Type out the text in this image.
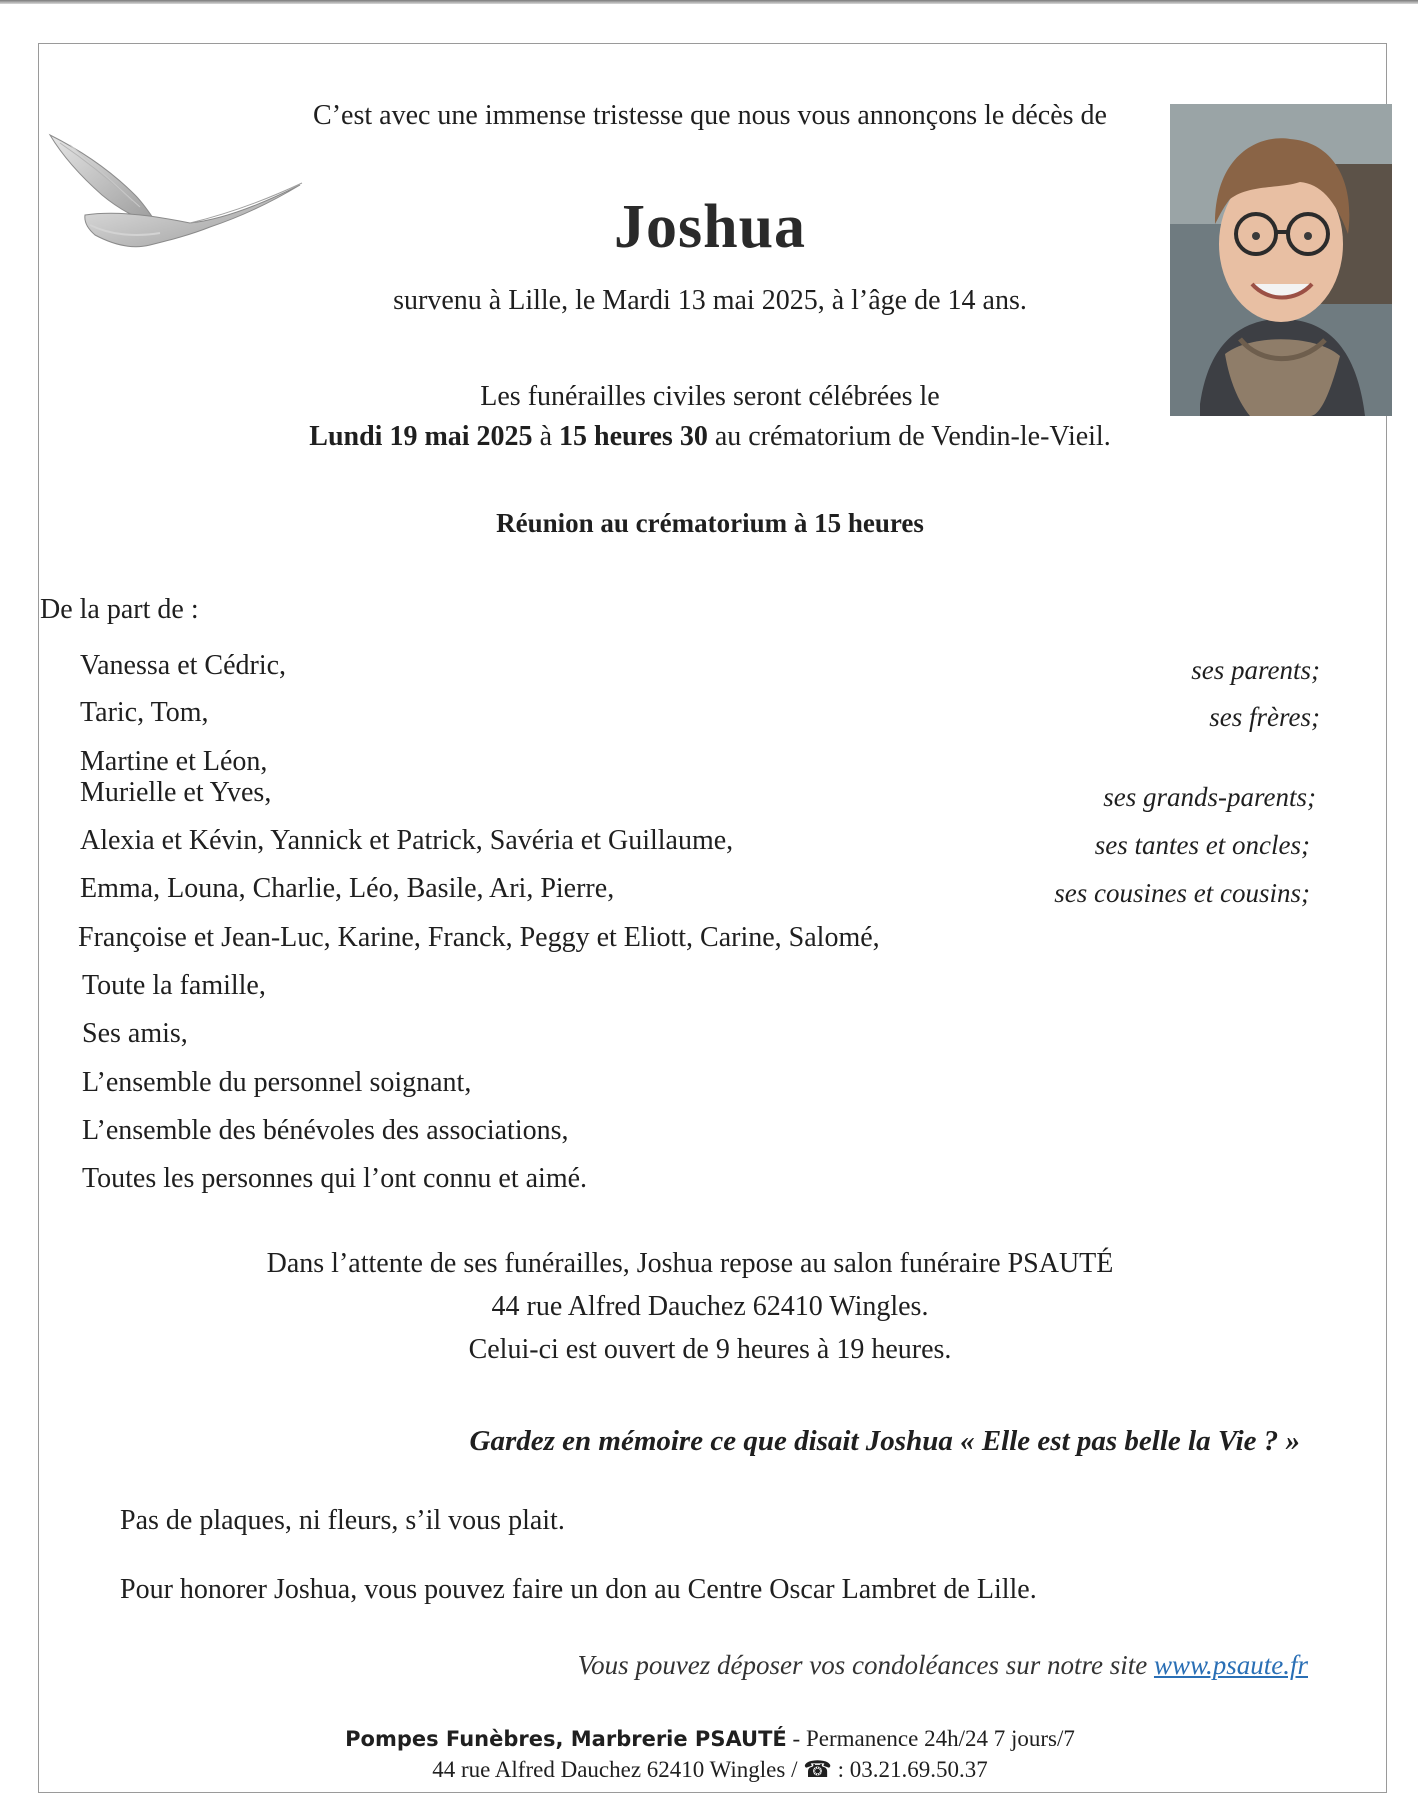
C’est avec une immense tristesse que nous vous annonçons le décès de
Joshua
survenu à Lille, le Mardi 13 mai 2025, à l’âge de 14 ans.
Les funérailles civiles seront célébrées le
Lundi 19 mai 2025 à 15 heures 30 au crématorium de Vendin-le-Vieil.
Réunion au crématorium à 15 heures
De la part de :
Vanessa et Cédric,	ses parents;
Taric, Tom,	ses frères;
Martine et Léon,
Murielle et Yves,	ses grands-parents;
Alexia et Kévin, Yannick et Patrick, Savéria et Guillaume,	ses tantes et oncles;
Emma, Louna, Charlie, Léo, Basile, Ari, Pierre,	ses cousines et cousins;
Françoise et Jean-Luc, Karine, Franck, Peggy et Eliott, Carine, Salomé,
Toute la famille,
Ses amis,
L’ensemble du personnel soignant,
L’ensemble des bénévoles des associations,
Toutes les personnes qui l’ont connu et aimé.
Dans l’attente de ses funérailles, Joshua repose au salon funéraire PSAUTÉ
44 rue Alfred Dauchez 62410 Wingles.
Celui-ci est ouvert de 9 heures à 19 heures.
Gardez en mémoire ce que disait Joshua « Elle est pas belle la Vie ? »
Pas de plaques, ni fleurs, s’il vous plait.
Pour honorer Joshua, vous pouvez faire un don au Centre Oscar Lambret de Lille.
Vous pouvez déposer vos condoléances sur notre site www.psaute.fr
Pompes Funèbres, Marbrerie PSAUTÉ - Permanence 24h/24 7 jours/7
44 rue Alfred Dauchez 62410 Wingles / ☎ : 03.21.69.50.37
